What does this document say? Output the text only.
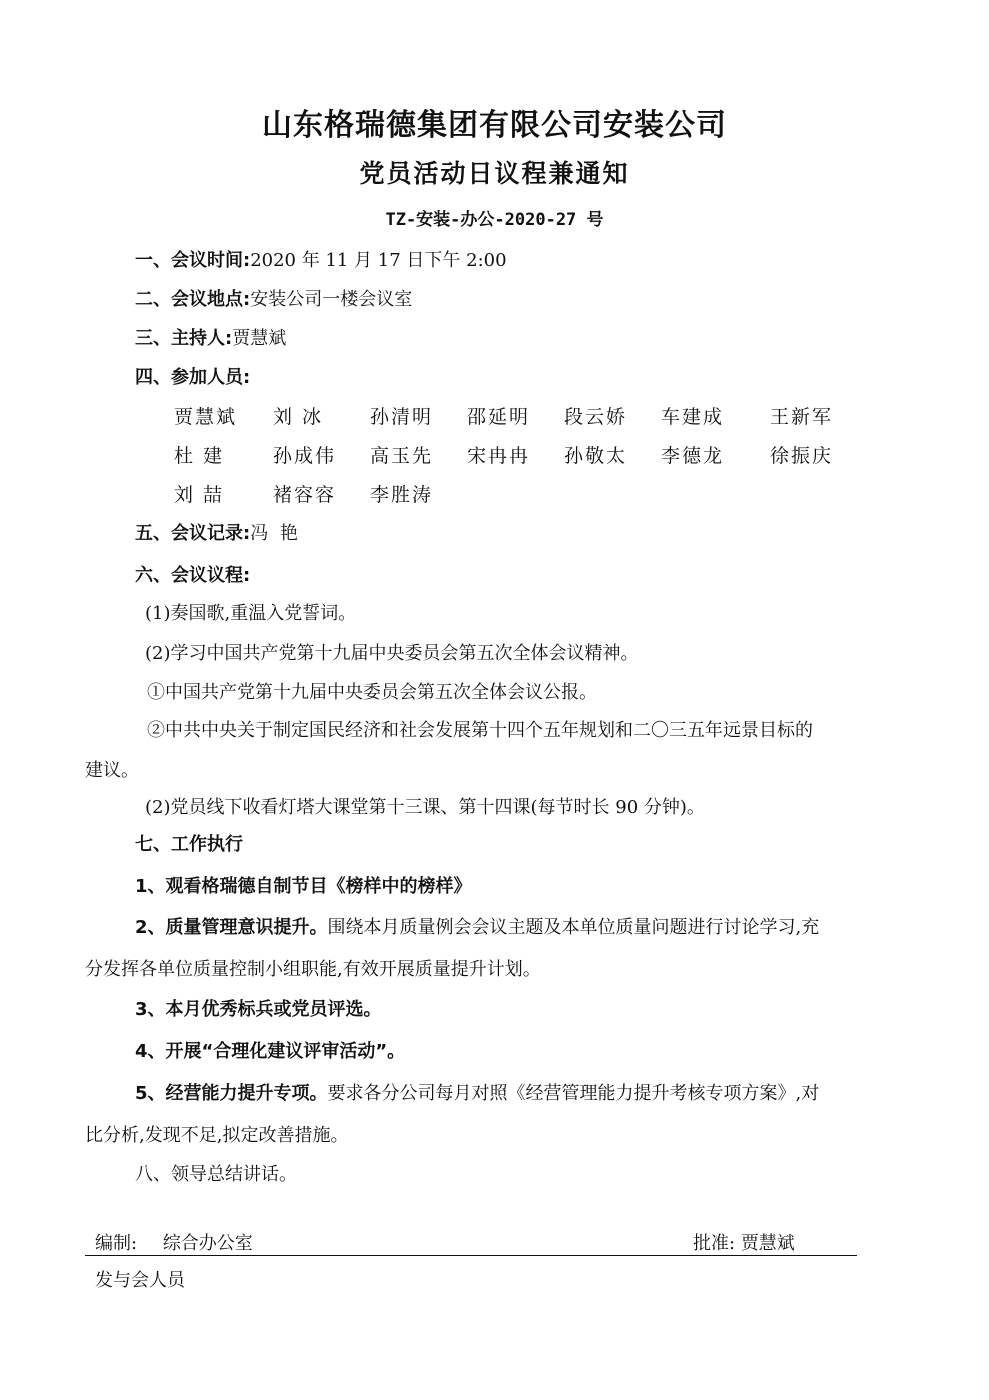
山东格瑞德集团有限公司安装公司
党员活动日议程兼通知
TZ-安装-办公-2020-27 号
一、会议时间:2020 年 11 月 17 日下午 2:00
二、会议地点:安装公司一楼会议室
三、主持人:贾慧斌
四、参加人员:
贾慧斌 刘 冰 孙清明 邵延明 段云娇 车建成 王新军
杜 建	孙成伟 高玉先 宋冉冉 孙敬太 李德龙 徐振庆
刘 喆	褚容容 李胜涛
五、会议记录:冯 艳
六、会议议程:
(1)奏国歌,重温入党誓词。
(2)学习中国共产党第十九届中央委员会第五次全体会议精神。
①中国共产党第十九届中央委员会第五次全体会议公报。
②中共中央关于制定国民经济和社会发展第十四个五年规划和二〇三五年远景目标的
建议。
(2)党员线下收看灯塔大课堂第十三课、第十四课(每节时长 90 分钟)。
七、工作执行
1、观看格瑞德自制节目《榜样中的榜样》
2、质量管理意识提升。围绕本月质量例会会议主题及本单位质量问题进行讨论学习,充
分发挥各单位质量控制小组职能,有效开展质量提升计划。
3、本月优秀标兵或党员评选。
4、开展“合理化建议评审活动”。
5、经营能力提升专项。要求各分公司每月对照《经营管理能力提升考核专项方案》,对
比分析,发现不足,拟定改善措施。
八、领导总结讲话。
编制: 综合办公室	批准: 贾慧斌
发与会人员
